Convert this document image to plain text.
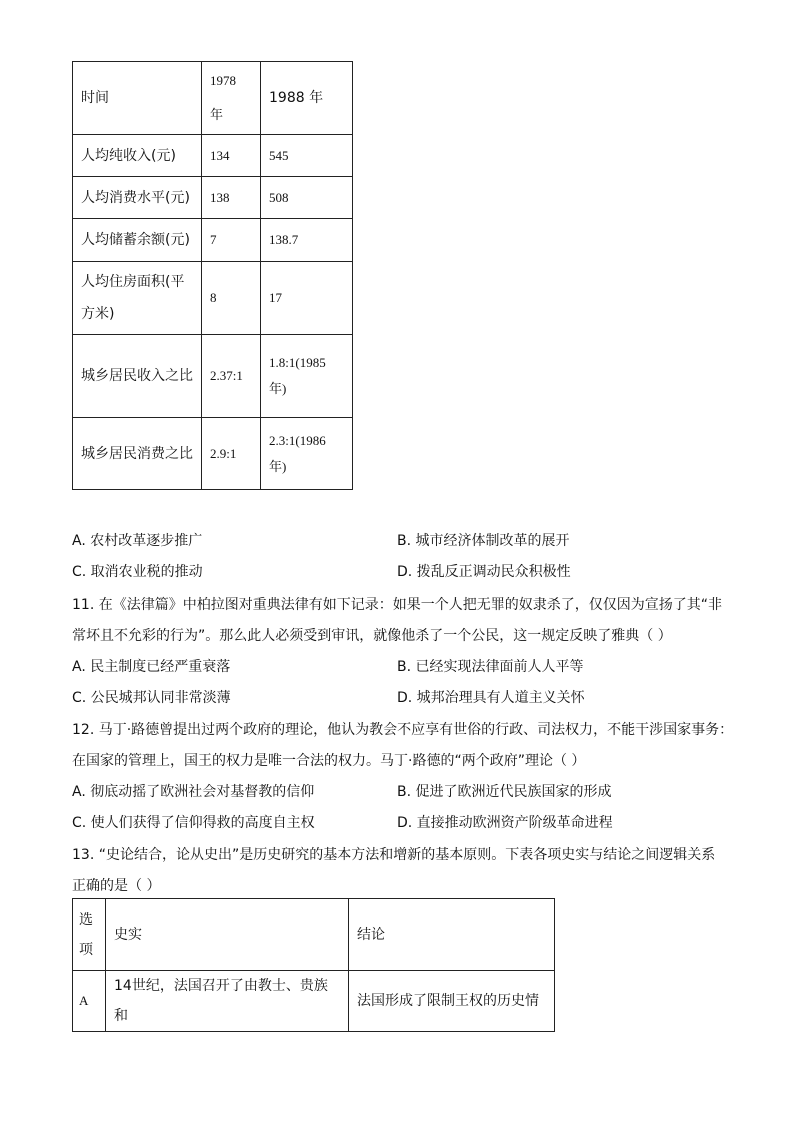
时间	1978 年	1988 年
人均纯收入(元)	134	545
人均消费水平(元)	138	508
人均储蓄余额(元)	7	138.7
人均住房面积(平方米)	8	17
城乡居民收入之比	2.37:1	1.8:1(1985 年)
城乡居民消费之比	2.9:1	2.3:1(1986 年)
A. 农村改革逐步推广	B. 城市经济体制改革的展开
C. 取消农业税的推动	D. 拨乱反正调动民众积极性
11. 在《法律篇》中柏拉图对重典法律有如下记录：如果一个人把无罪的奴隶杀了，仅仅因为宣扬了其“非
常坏且不允彩的行为”。那么此人必须受到审讯，就像他杀了一个公民，这一规定反映了雅典（ ）
A. 民主制度已经严重衰落	B. 已经实现法律面前人人平等
C. 公民城邦认同非常淡薄	D. 城邦治理具有人道主义关怀
12. 马丁·路德曾提出过两个政府的理论，他认为教会不应享有世俗的行政、司法权力，不能干涉国家事务：
在国家的管理上，国王的权力是唯一合法的权力。马丁·路德的“两个政府”理论（ ）
A. 彻底动摇了欧洲社会对基督教的信仰	B. 促进了欧洲近代民族国家的形成
C. 使人们获得了信仰得救的高度自主权	D. 直接推动欧洲资产阶级革命进程
13. “史论结合，论从史出”是历史研究的基本方法和增新的基本原则。下表各项史实与结论之间逻辑关系
正确的是（ ）
选项	史实	结论
A	14世纪，法国召开了由教士、贵族和	法国形成了限制王权的历史情
